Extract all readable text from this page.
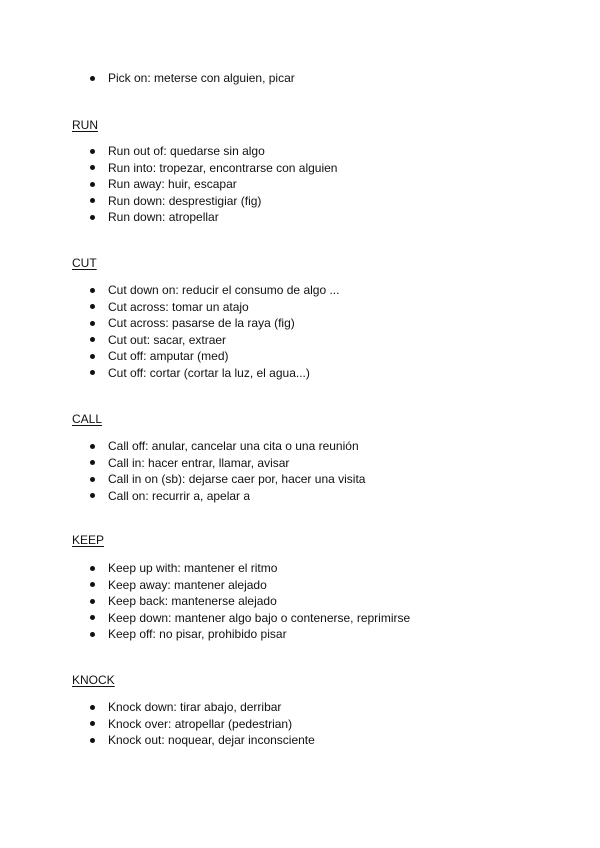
Pick on: meterse con alguien, picar
RUN
Run out of: quedarse sin algo
Run into: tropezar, encontrarse con alguien
Run away: huir, escapar
Run down: desprestigiar (fig)
Run down: atropellar
CUT
Cut down on: reducir el consumo de algo ...
Cut across: tomar un atajo
Cut across: pasarse de la raya (fig)
Cut out: sacar, extraer
Cut off: amputar (med)
Cut off: cortar (cortar la luz, el agua...)
CALL
Call off: anular, cancelar una cita o una reunión
Call in: hacer entrar, llamar, avisar
Call in on (sb): dejarse caer por, hacer una visita
Call on: recurrir a, apelar a
KEEP
Keep up with: mantener el ritmo
Keep away: mantener alejado
Keep back: mantenerse alejado
Keep down: mantener algo bajo o contenerse, reprimirse
Keep off: no pisar, prohibido pisar
KNOCK
Knock down: tirar abajo, derribar
Knock over: atropellar (pedestrian)
Knock out: noquear, dejar inconsciente
